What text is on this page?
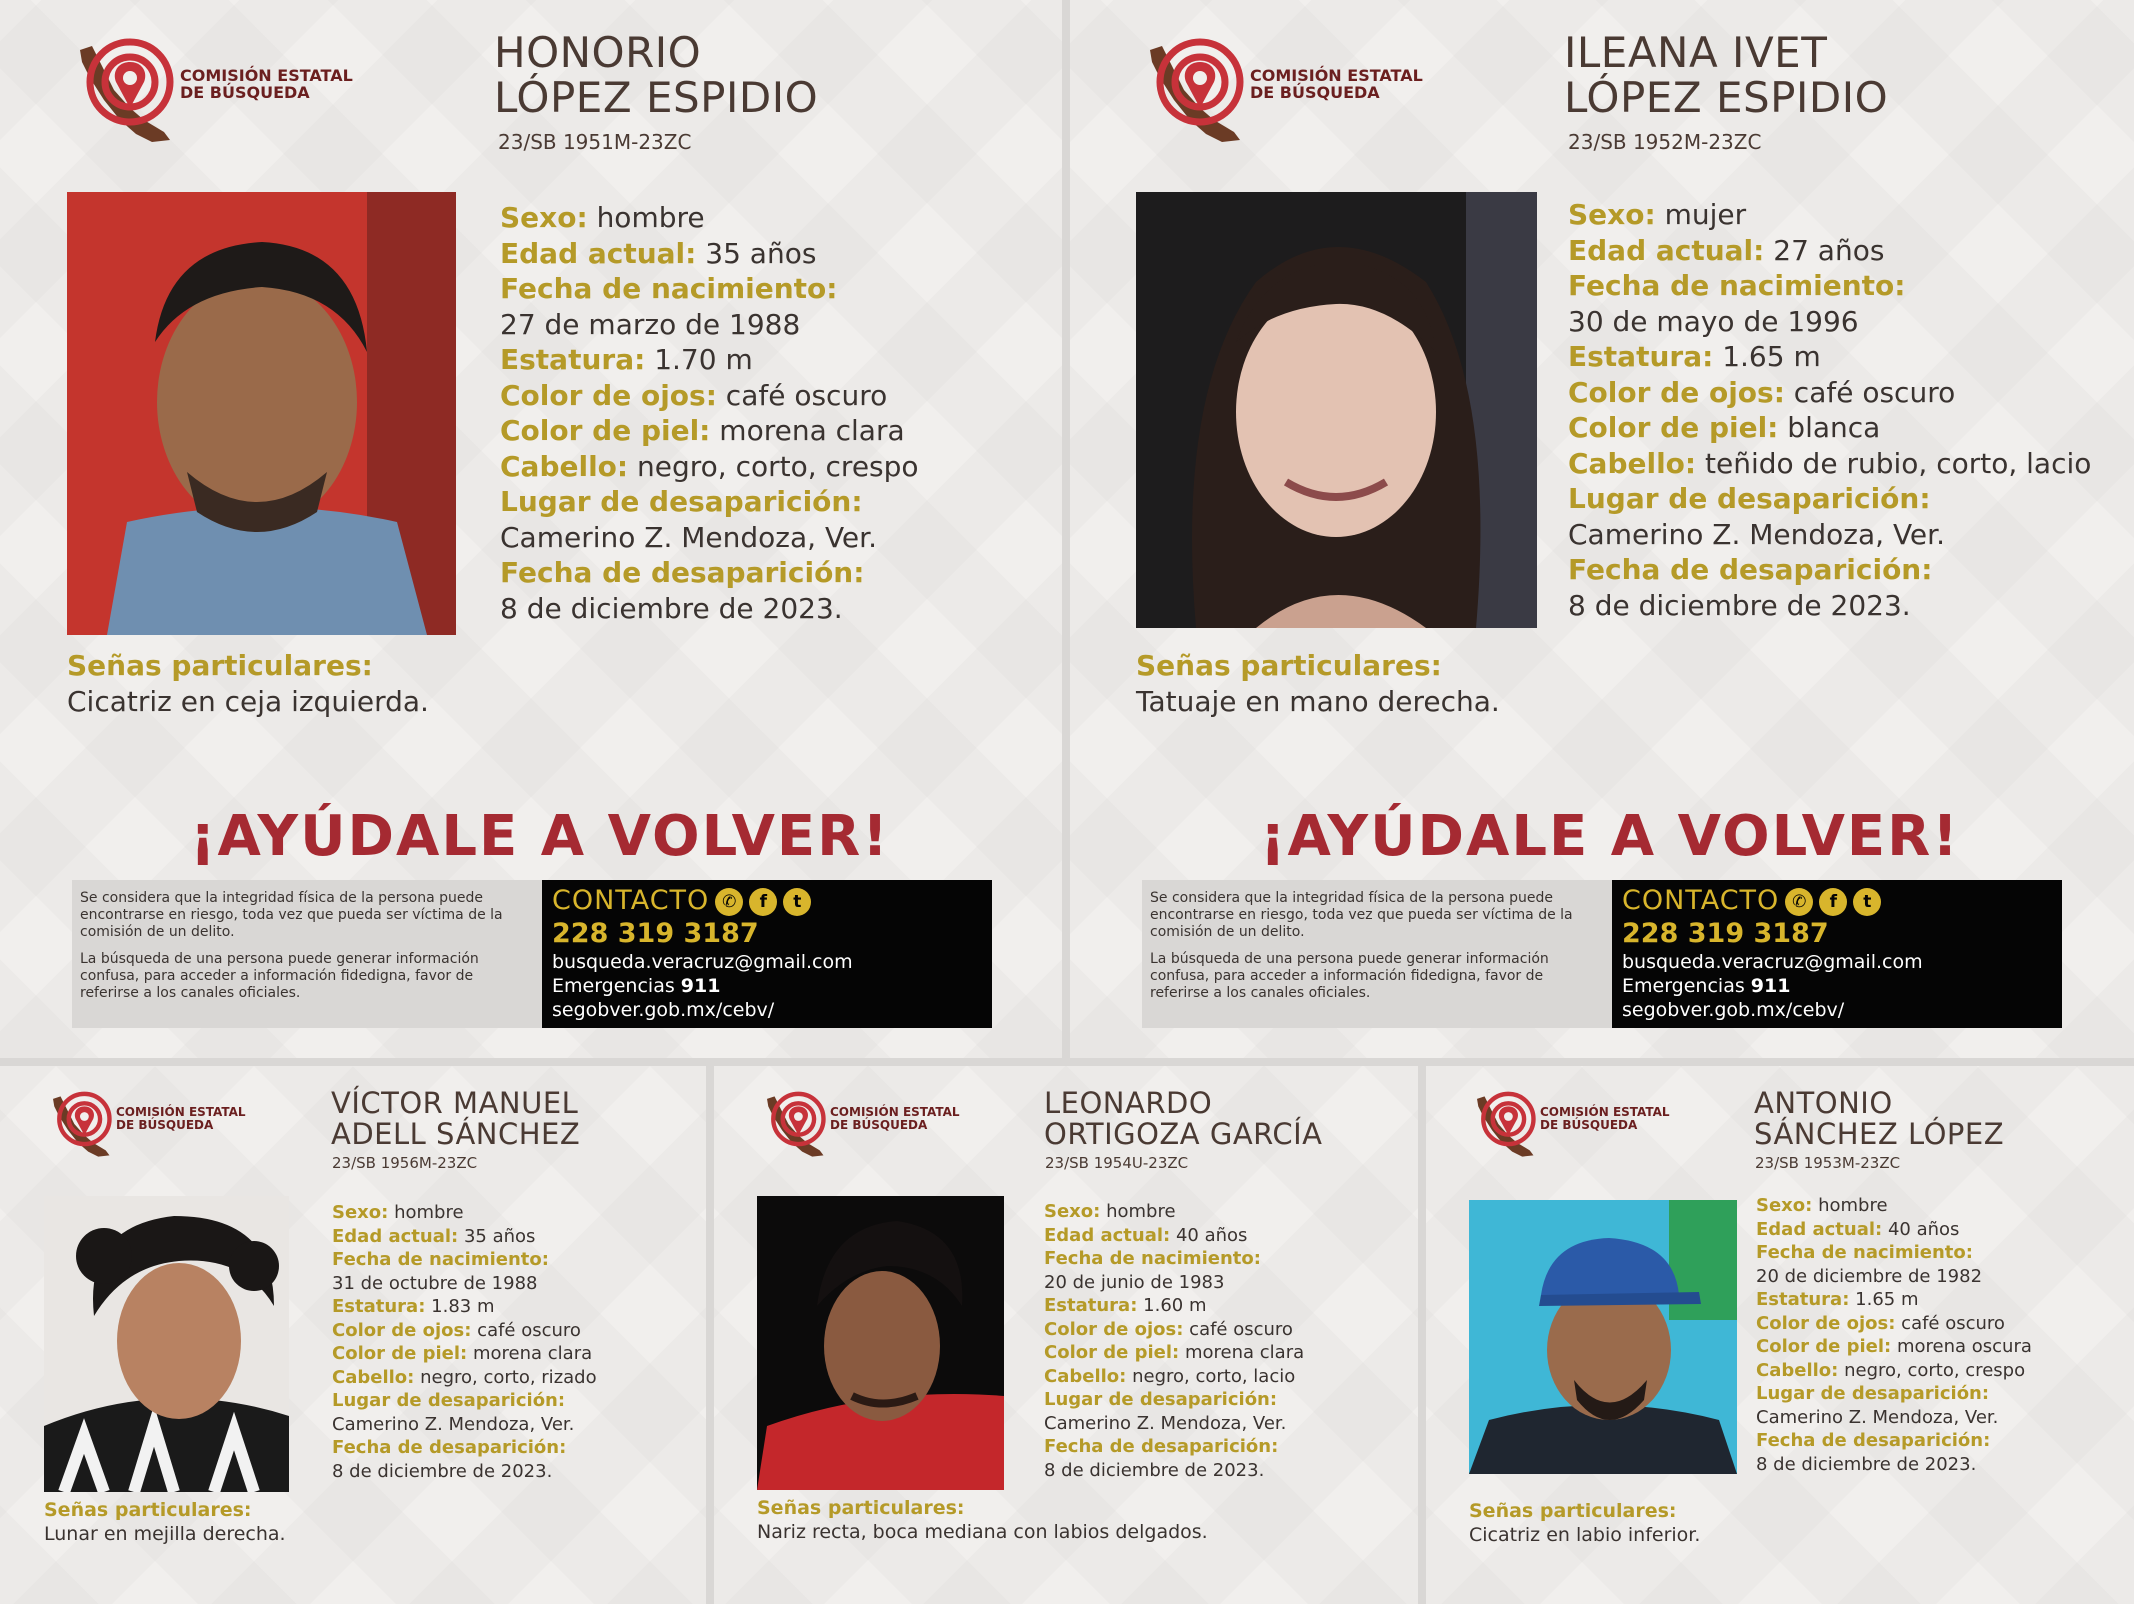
COMISIÓN ESTATAL
DE BÚSQUEDA
HONORIO
LÓPEZ ESPIDIO
23/SB 1951M-23ZC
Sexo: hombre
Edad actual: 35 años
Fecha de nacimiento:
27 de marzo de 1988
Estatura: 1.70 m
Color de ojos: café oscuro
Color de piel: morena clara
Cabello: negro, corto, crespo
Lugar de desaparición:
Camerino Z. Mendoza, Ver.
Fecha de desaparición:
8 de diciembre de 2023.
Señas particulares:
Cicatriz en ceja izquierda.
¡AYÚDALE A VOLVER!

Se considera que la integridad física de la persona puede encontrarse en riesgo, toda vez que pueda ser víctima de la comisión de un delito.

La búsqueda de una persona puede generar información confusa, para acceder a información fidedigna, favor de referirse a los canales oficiales.

CONTACTO ✆ f t
228 319 3187
busqueda.veracruz@gmail.com
Emergencias 911
segobver.gob.mx/cebv/
COMISIÓN ESTATAL
DE BÚSQUEDA
ILEANA IVET
LÓPEZ ESPIDIO
23/SB 1952M-23ZC
Sexo: mujer
Edad actual: 27 años
Fecha de nacimiento:
30 de mayo de 1996
Estatura: 1.65 m
Color de ojos: café oscuro
Color de piel: blanca
Cabello: teñido de rubio, corto, lacio
Lugar de desaparición:
Camerino Z. Mendoza, Ver.
Fecha de desaparición:
8 de diciembre de 2023.
Señas particulares:
Tatuaje en mano derecha.
¡AYÚDALE A VOLVER!

Se considera que la integridad física de la persona puede encontrarse en riesgo, toda vez que pueda ser víctima de la comisión de un delito.

La búsqueda de una persona puede generar información confusa, para acceder a información fidedigna, favor de referirse a los canales oficiales.

CONTACTO ✆ f t
228 319 3187
busqueda.veracruz@gmail.com
Emergencias 911
segobver.gob.mx/cebv/
COMISIÓN ESTATAL
DE BÚSQUEDA
VÍCTOR MANUEL
ADELL SÁNCHEZ
23/SB 1956M-23ZC
Sexo: hombre
Edad actual: 35 años
Fecha de nacimiento:
31 de octubre de 1988
Estatura: 1.83 m
Color de ojos: café oscuro
Color de piel: morena clara
Cabello: negro, corto, rizado
Lugar de desaparición:
Camerino Z. Mendoza, Ver.
Fecha de desaparición:
8 de diciembre de 2023.
Señas particulares:
Lunar en mejilla derecha.
COMISIÓN ESTATAL
DE BÚSQUEDA
LEONARDO
ORTIGOZA GARCÍA
23/SB 1954U-23ZC
Sexo: hombre
Edad actual: 40 años
Fecha de nacimiento:
20 de junio de 1983
Estatura: 1.60 m
Color de ojos: café oscuro
Color de piel: morena clara
Cabello: negro, corto, lacio
Lugar de desaparición:
Camerino Z. Mendoza, Ver.
Fecha de desaparición:
8 de diciembre de 2023.
Señas particulares:
Nariz recta, boca mediana con labios delgados.
COMISIÓN ESTATAL
DE BÚSQUEDA
ANTONIO
SÁNCHEZ LÓPEZ
23/SB 1953M-23ZC
Sexo: hombre
Edad actual: 40 años
Fecha de nacimiento:
20 de diciembre de 1982
Estatura: 1.65 m
Color de ojos: café oscuro
Color de piel: morena oscura
Cabello: negro, corto, crespo
Lugar de desaparición:
Camerino Z. Mendoza, Ver.
Fecha de desaparición:
8 de diciembre de 2023.
Señas particulares:
Cicatriz en labio inferior.
